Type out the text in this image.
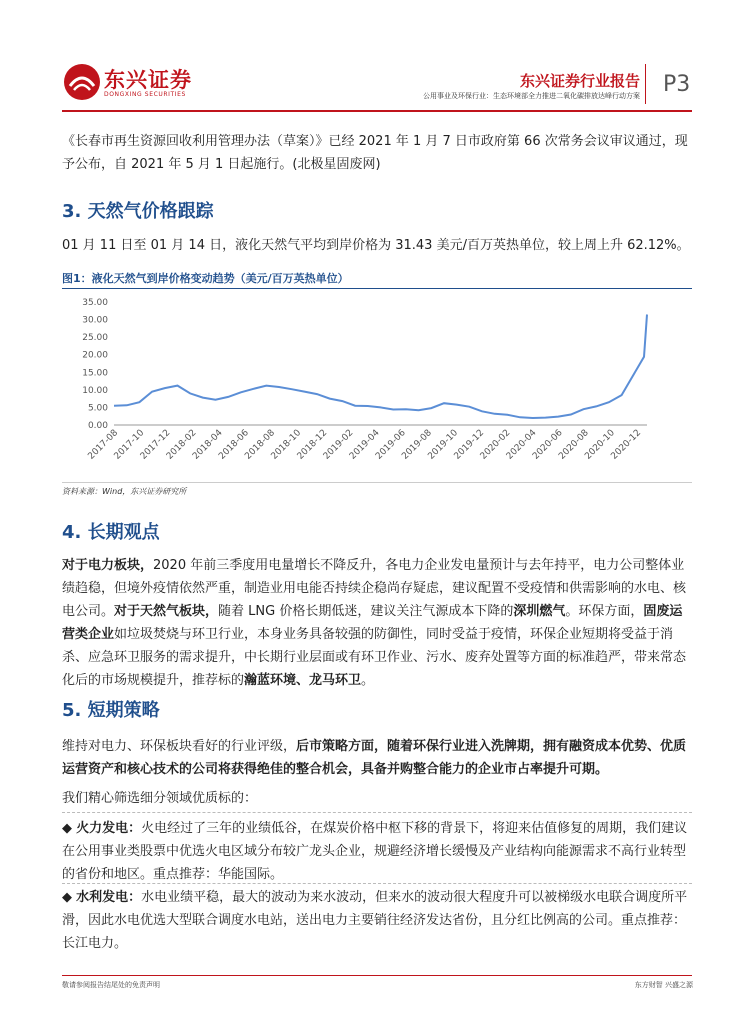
东兴证券
DONGXING SECURITIES
东兴证券行业报告
公用事业及环保行业：生态环境部全力推进二氧化碳排放达峰行动方案 P3
《长春市再生资源回收利用管理办法（草案）》已经 2021 年 1 月 7 日市政府第 66 次常务会议审议通过，现予公布，自 2021 年 5 月 1 日起施行。(北极星固废网)
3. 天然气价格跟踪
01 月 11 日至 01 月 14 日，液化天然气平均到岸价格为 31.43 美元/百万英热单位，较上周上升 62.12%。
图1：液化天然气到岸价格变动趋势（美元/百万英热单位）
0.00
5.00
10.00
15.00
20.00
25.00
30.00
35.00
2017-08
2017-10
2017-12
2018-02
2018-04
2018-06
2018-08
2018-10
2018-12
2019-02
2019-04
2019-06
2019-08
2019-10
2019-12
2020-02
2020-04
2020-06
2020-08
2020-10
2020-12
资料来源：Wind，东兴证券研究所
4. 长期观点
对于电力板块，2020 年前三季度用电量增长不降反升，各电力企业发电量预计与去年持平，电力公司整体业绩趋稳，但境外疫情依然严重，制造业用电能否持续企稳尚存疑虑，建议配置不受疫情和供需影响的水电、核电公司。对于天然气板块，随着 LNG 价格长期低迷，建议关注气源成本下降的深圳燃气。环保方面，固废运营类企业如垃圾焚烧与环卫行业，本身业务具备较强的防御性，同时受益于疫情，环保企业短期将受益于消杀、应急环卫服务的需求提升，中长期行业层面或有环卫作业、污水、废弃处置等方面的标准趋严，带来常态化后的市场规模提升，推荐标的瀚蓝环境、龙马环卫。
5. 短期策略
维持对电力、环保板块看好的行业评级，后市策略方面，随着环保行业进入洗牌期，拥有融资成本优势、优质运营资产和核心技术的公司将获得绝佳的整合机会，具备并购整合能力的企业市占率提升可期。
我们精心筛选细分领域优质标的：
◆ 火力发电：火电经过了三年的业绩低谷，在煤炭价格中枢下移的背景下，将迎来估值修复的周期，我们建议在公用事业类股票中优选火电区域分布较广龙头企业，规避经济增长缓慢及产业结构向能源需求不高行业转型的省份和地区。重点推荐：华能国际。
◆ 水利发电：水电业绩平稳，最大的波动为来水波动，但来水的波动很大程度升可以被梯级水电联合调度所平滑，因此水电优选大型联合调度水电站，送出电力主要销往经济发达省份，且分红比例高的公司。重点推荐：长江电力。
敬请参阅报告结尾处的免责声明	东方财智 兴盛之源
